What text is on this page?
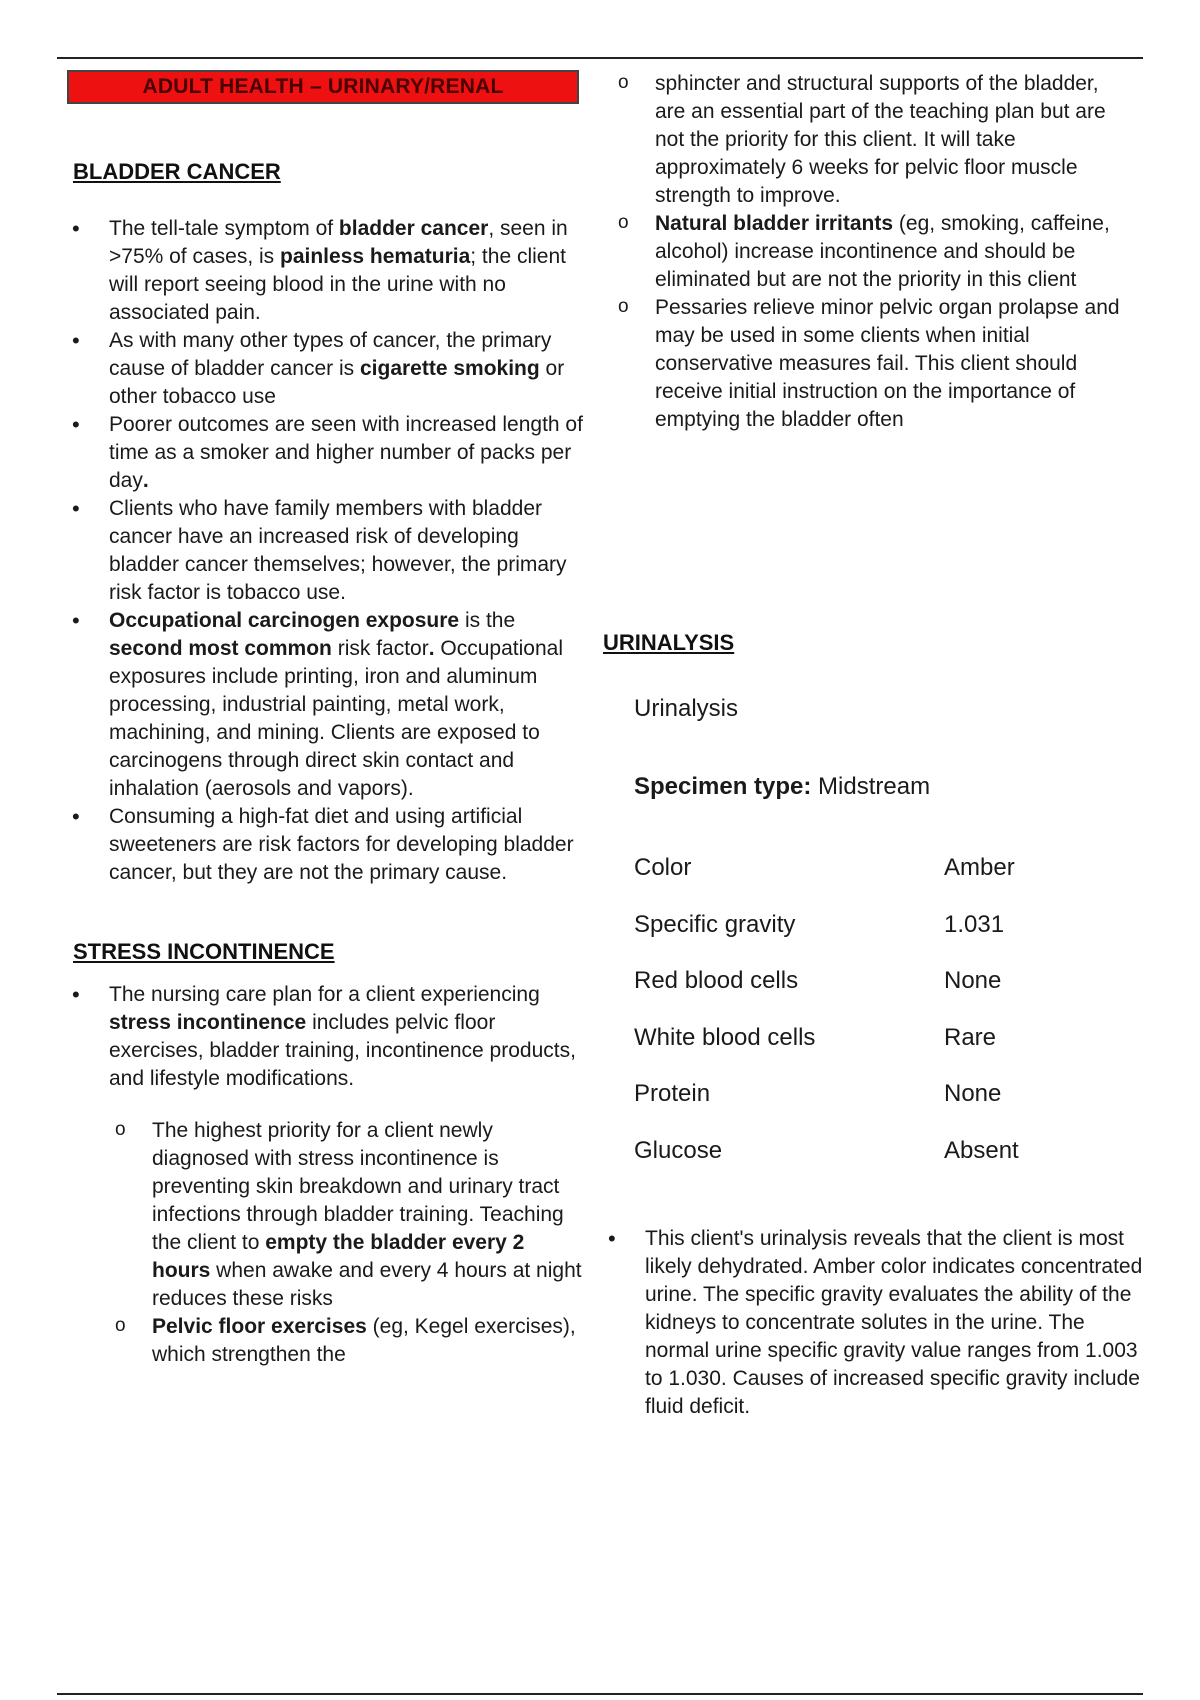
ADULT HEALTH – URINARY/RENAL
BLADDER CANCER
• The tell-tale symptom of bladder cancer, seen in >75% of cases, is painless hematuria; the client will report seeing blood in the urine with no associated pain.
• As with many other types of cancer, the primary cause of bladder cancer is cigarette smoking or other tobacco use
• Poorer outcomes are seen with increased length of time as a smoker and higher number of packs per day.
• Clients who have family members with bladder cancer have an increased risk of developing bladder cancer themselves; however, the primary risk factor is tobacco use.
• Occupational carcinogen exposure is the second most common risk factor. Occupational exposures include printing, iron and aluminum processing, industrial painting, metal work, machining, and mining. Clients are exposed to carcinogens through direct skin contact and inhalation (aerosols and vapors).
• Consuming a high-fat diet and using artificial sweeteners are risk factors for developing bladder cancer, but they are not the primary cause.
STRESS INCONTINENCE
• The nursing care plan for a client experiencing stress incontinence includes pelvic floor exercises, bladder training, incontinence products, and lifestyle modifications.
o The highest priority for a client newly diagnosed with stress incontinence is preventing skin breakdown and urinary tract infections through bladder training. Teaching the client to empty the bladder every 2 hours when awake and every 4 hours at night reduces these risks
o Pelvic floor exercises (eg, Kegel exercises), which strengthen the
o sphincter and structural supports of the bladder, are an essential part of the teaching plan but are not the priority for this client. It will take approximately 6 weeks for pelvic floor muscle strength to improve.
o Natural bladder irritants (eg, smoking, caffeine, alcohol) increase incontinence and should be eliminated but are not the priority in this client
o Pessaries relieve minor pelvic organ prolapse and may be used in some clients when initial conservative measures fail. This client should receive initial instruction on the importance of emptying the bladder often
URINALYSIS
Urinalysis
Specimen type: Midstream
Color	Amber
Specific gravity	1.031
Red blood cells	None
White blood cells	Rare
Protein	None
Glucose	Absent
• This client's urinalysis reveals that the client is most likely dehydrated. Amber color indicates concentrated urine. The specific gravity evaluates the ability of the kidneys to concentrate solutes in the urine. The normal urine specific gravity value ranges from 1.003 to 1.030. Causes of increased specific gravity include fluid deficit.
